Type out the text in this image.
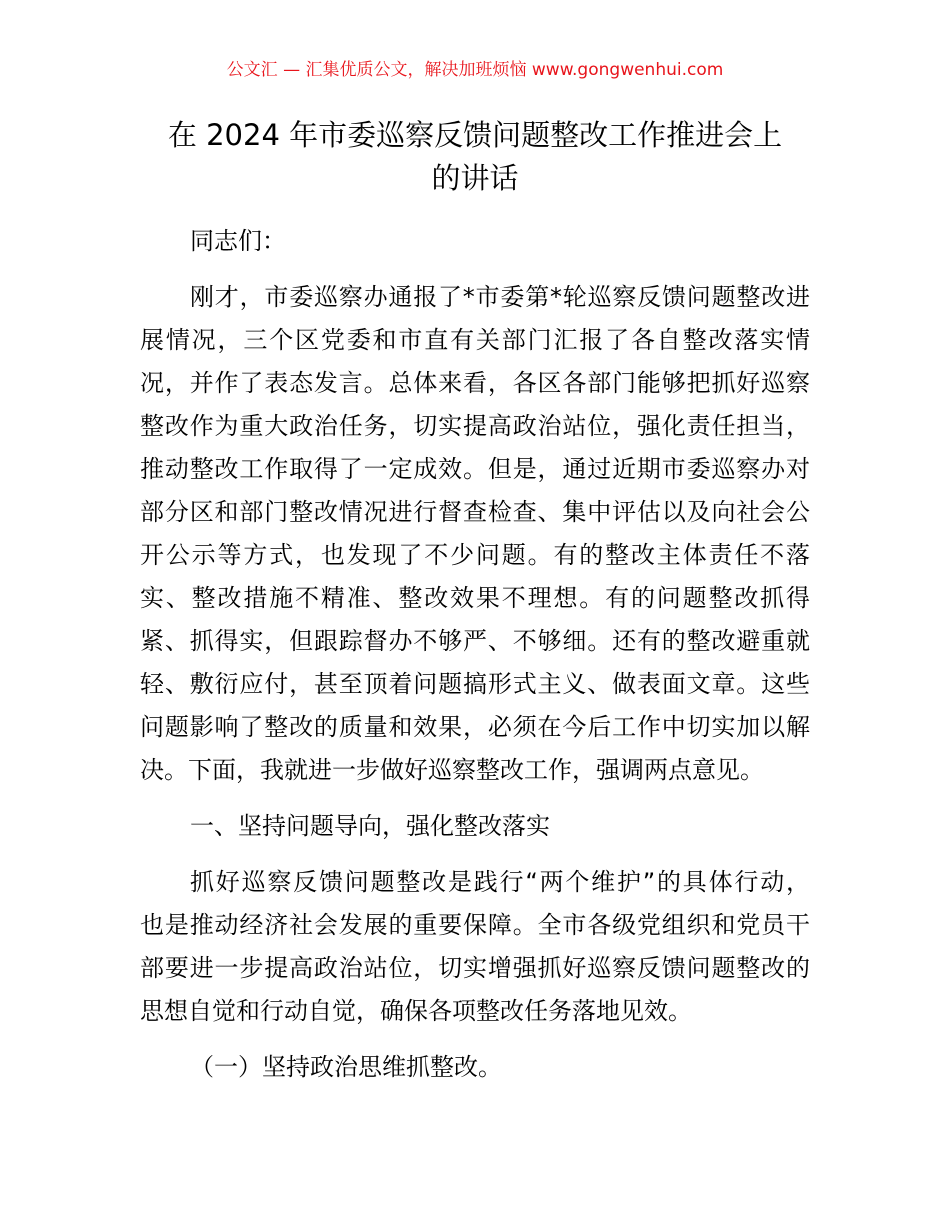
公文汇 — 汇集优质公文，解决加班烦恼 www.gongwenhui.com
在 2024 年市委巡察反馈问题整改工作推进会上
的讲话
同志们：
刚才，市委巡察办通报了*市委第*轮巡察反馈问题整改进
展情况，三个区党委和市直有关部门汇报了各自整改落实情
况，并作了表态发言。总体来看，各区各部门能够把抓好巡察
整改作为重大政治任务，切实提高政治站位，强化责任担当，
推动整改工作取得了一定成效。但是，通过近期市委巡察办对
部分区和部门整改情况进行督查检查、集中评估以及向社会公
开公示等方式，也发现了不少问题。有的整改主体责任不落
实、整改措施不精准、整改效果不理想。有的问题整改抓得
紧、抓得实，但跟踪督办不够严、不够细。还有的整改避重就
轻、敷衍应付，甚至顶着问题搞形式主义、做表面文章。这些
问题影响了整改的质量和效果，必须在今后工作中切实加以解
决。下面，我就进一步做好巡察整改工作，强调两点意见。
一、坚持问题导向，强化整改落实
抓好巡察反馈问题整改是践行“两个维护”的具体行动，
也是推动经济社会发展的重要保障。全市各级党组织和党员干
部要进一步提高政治站位，切实增强抓好巡察反馈问题整改的
思想自觉和行动自觉，确保各项整改任务落地见效。
（一）坚持政治思维抓整改。
